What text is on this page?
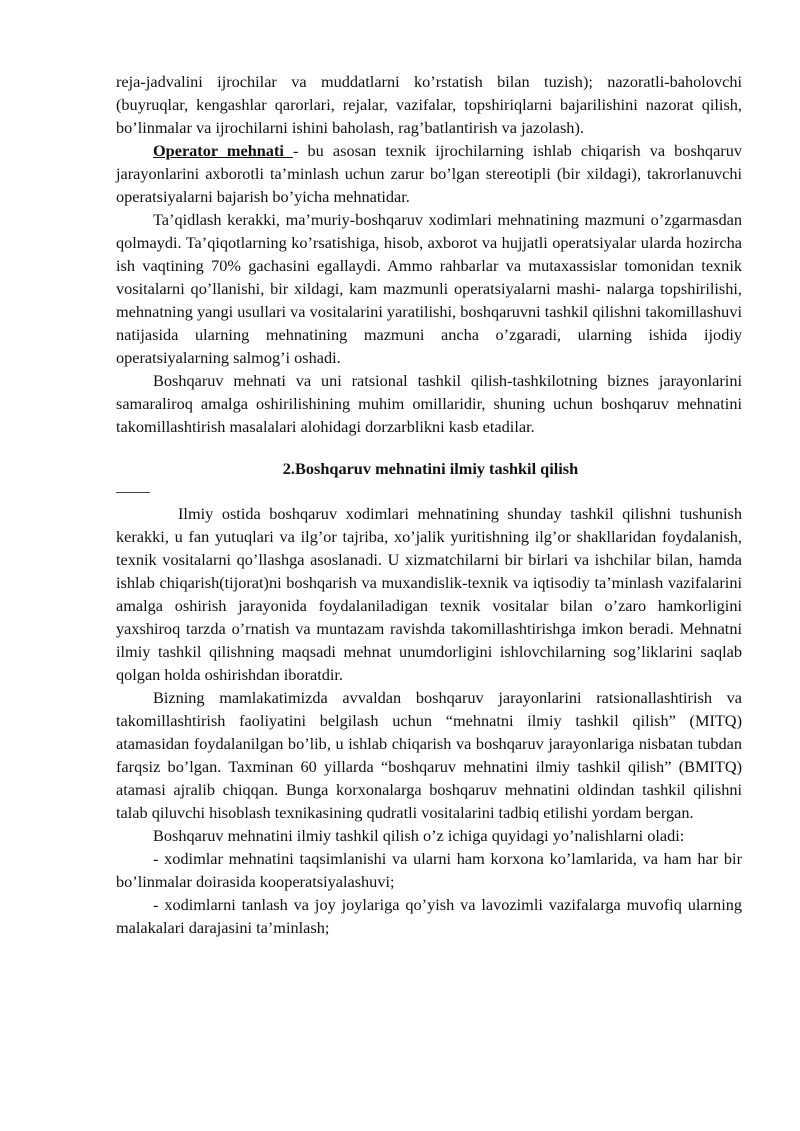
reja-jadvalini ijrochilar va muddatlarni ko’rstatish bilan tuzish); nazoratli-baholovchi (buyruqlar, kengashlar qarorlari, rejalar, vazifalar, topshiriqlarni bajarilishini nazorat qilish, bo’linmalar va ijrochilarni ishini baholash, rag’batlantirish va jazolash).

Operator mehnati - bu asosan texnik ijrochilarning ishlab chiqarish va boshqaruv jarayonlarini axborotli ta’minlash uchun zarur bo’lgan stereotipli (bir xildagi), takrorlanuvchi operatsiyalarni bajarish bo’yicha mehnatidar.

Ta’qidlash kerakki, ma’muriy-boshqaruv xodimlari mehnatining mazmuni o’zgarmasdan qolmaydi. Ta’qiqotlarning ko’rsatishiga, hisob, axborot va hujjatli operatsiyalar ularda hozircha ish vaqtining 70% gachasini egallaydi. Ammo rahbarlar va mutaxassislar tomonidan texnik vositalarni qo’llanishi, bir xildagi, kam mazmunli operatsiyalarni mashi- nalarga topshirilishi, mehnatning yangi usullari va vositalarini yaratilishi, boshqaruvni tashkil qilishni takomillashuvi natijasida ularning mehnatining mazmuni ancha o’zgaradi, ularning ishida ijodiy operatsiyalarning salmog’i oshadi.

Boshqaruv mehnati va uni ratsional tashkil qilish-tashkilotning biznes jarayonlarini samaraliroq amalga oshirilishining muhim omillaridir, shuning uchun boshqaruv mehnatini takomillashtirish masalalari alohidagi dorzarblikni kasb etadilar.

2.Boshqaruv mehnatini ilmiy tashkil qilish

Ilmiy ostida boshqaruv xodimlari mehnatining shunday tashkil qilishni tushunish kerakki, u fan yutuqlari va ilg’or tajriba, xo’jalik yuritishning ilg’or shakllaridan foydalanish, texnik vositalarni qo’llashga asoslanadi. U xizmatchilarni bir birlari va ishchilar bilan, hamda ishlab chiqarish(tijorat)ni boshqarish va muxandislik-texnik va iqtisodiy ta’minlash vazifalarini amalga oshirish jarayonida foydalaniladigan texnik vositalar bilan o’zaro hamkorligini yaxshiroq tarzda o’rnatish va muntazam ravishda takomillashtirishga imkon beradi. Mehnatni ilmiy tashkil qilishning maqsadi mehnat unumdorligini ishlovchilarning sog’liklarini saqlab qolgan holda oshirishdan iboratdir.

Bizning mamlakatimizda avvaldan boshqaruv jarayonlarini ratsionallashtirish va takomillashtirish faoliyatini belgilash uchun “mehnatni ilmiy tashkil qilish” (MITQ) atamasidan foydalanilgan bo’lib, u ishlab chiqarish va boshqaruv jarayonlariga nisbatan tubdan farqsiz bo’lgan. Taxminan 60 yillarda “boshqaruv mehnatini ilmiy tashkil qilish” (BMITQ) atamasi ajralib chiqqan. Bunga korxonalarga boshqaruv mehnatini oldindan tashkil qilishni talab qiluvchi hisoblash texnikasining qudratli vositalarini tadbiq etilishi yordam bergan.

Boshqaruv mehnatini ilmiy tashkil qilish o’z ichiga quyidagi yo’nalishlarni oladi:

- xodimlar mehnatini taqsimlanishi va ularni ham korxona ko’lamlarida, va ham har bir bo’linmalar doirasida kooperatsiyalashuvi;

- xodimlarni tanlash va joy joylariga qo’yish va lavozimli vazifalarga muvofiq ularning malakalari darajasini ta’minlash;
